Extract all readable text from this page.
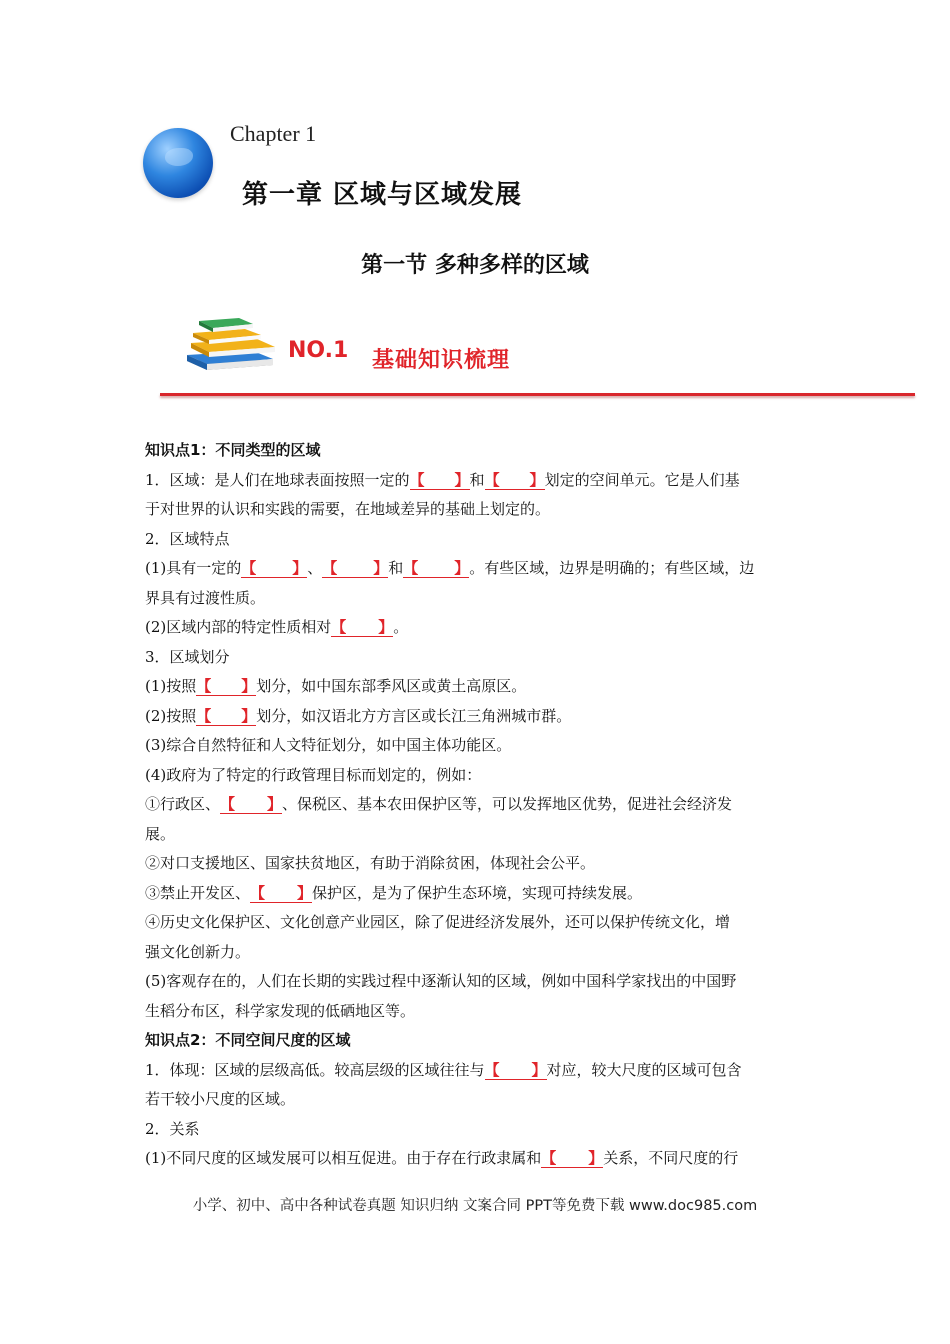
Chapter 1
第一章 区域与区域发展
第一节 多种多样的区域
NO.1 基础知识梳理
知识点1：不同类型的区域
1．区域：是人们在地球表面按照一定的【 】和【 】划定的空间单元。它是人们基
于对世界的认识和实践的需要，在地域差异的基础上划定的。
2．区域特点
(1)具有一定的【 】、【 】和【 】。有些区域，边界是明确的；有些区域，边
界具有过渡性质。
(2)区域内部的特定性质相对【 】。
3．区域划分
(1)按照【 】划分，如中国东部季风区或黄土高原区。
(2)按照【 】划分，如汉语北方方言区或长江三角洲城市群。
(3)综合自然特征和人文特征划分，如中国主体功能区。
(4)政府为了特定的行政管理目标而划定的，例如：
①行政区、【 】、保税区、基本农田保护区等，可以发挥地区优势，促进社会经济发
展。
②对口支援地区、国家扶贫地区，有助于消除贫困，体现社会公平。
③禁止开发区、【 】保护区，是为了保护生态环境，实现可持续发展。
④历史文化保护区、文化创意产业园区，除了促进经济发展外，还可以保护传统文化，增
强文化创新力。
(5)客观存在的，人们在长期的实践过程中逐渐认知的区域，例如中国科学家找出的中国野
生稻分布区，科学家发现的低硒地区等。
知识点2：不同空间尺度的区域
1．体现：区域的层级高低。较高层级的区域往往与【 】对应，较大尺度的区域可包含
若干较小尺度的区域。
2．关系
(1)不同尺度的区域发展可以相互促进。由于存在行政隶属和【 】关系，不同尺度的行
小学、初中、高中各种试卷真题 知识归纳 文案合同 PPT等免费下载 www.doc985.com
